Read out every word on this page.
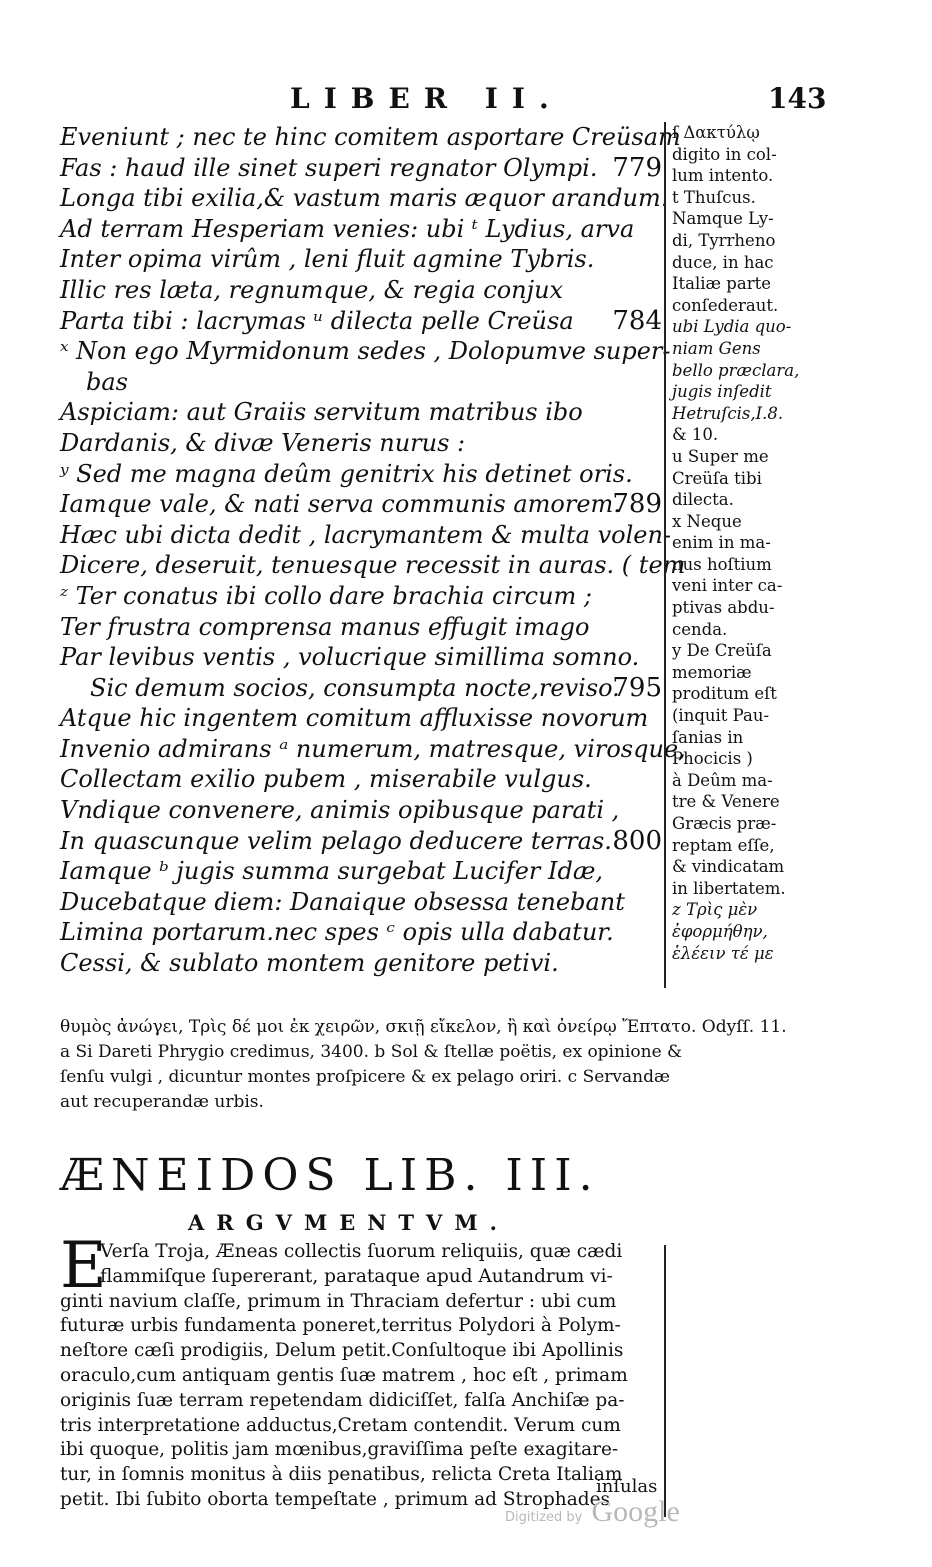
LIBER II.	143
Eveniunt ; nec te hinc comitem asportare Creüsam
Fas : haud ille sinet superi regnator Olympi. 779
Longa tibi exilia,& vastum maris æquor arandum.
Ad terram Hesperiam venies: ubi ᵗ Lydius, arva
Inter opima virûm , leni fluit agmine Tybris.
Illic res læta, regnumque, & regia conjux
Parta tibi : lacrymas ᵘ dilecta pelle Creüsa 784
ˣ Non ego Myrmidonum sedes , Dolopumve super-
bas
Aspiciam: aut Graiis servitum matribus ibo
Dardanis, & divæ Veneris nurus :
ʸ Sed me magna deûm genitrix his detinet oris.
Iamque vale, & nati serva communis amorem.
789
Hæc ubi dicta dedit , lacrymantem & multa volen-
Dicere, deseruit, tenuesque recessit in auras. ( tem
ᶻ Ter conatus ibi collo dare brachia circum ;
Ter frustra comprensa manus effugit imago
Par levibus ventis , volucrique simillima somno.
Sic demum socios, consumpta nocte,reviso.
795
Atque hic ingentem comitum affluxisse novorum
Invenio admirans ᵃ numerum, matresque, virosque,
Collectam exilio pubem , miserabile vulgus.
Vndique convenere, animis opibusque parati ,
In quascunque velim pelago deducere terras. 800
Iamque ᵇ jugis summa surgebat Lucifer Idæ,
Ducebatque diem: Danaique obsessa tenebant
Limina portarum.nec spes ᶜ opis ulla dabatur.
Cessi, & sublato montem genitore petivi.
ſ Δακτύλῳ
digito in col-
lum intento.
t Thuſcus.
Namque Ly-
di, Tyrrheno
duce, in hac
Italiæ parte
conſederaut.
ubi Lydia quo-
niam Gens
bello præclara,
jugis inſedit
Hetruſcis,I.8.
& 10.
u Super me
Creüſa tibi
dilecta.
x Neque
enim in ma-
nus hoſtium
veni inter ca-
ptivas abdu-
cenda.
y De Creüſa
memoriæ
proditum eſt
(inquit Pau-
ſanias in
Phocicis )
à Deûm ma-
tre & Venere
Græcis præ-
reptam eſſe,
& vindicatam
in libertatem.
z Τρὶς μὲν
ἐφορμήθην,
ἑλέειν τέ με
θυμὸς ἀνώγει, Τρὶς δέ μοι ἐκ χειρῶν, σκιῇ εἴκελον, ἢ καὶ ὀνείρῳ Ἔπτατο. Odyſſ. 11.
a Si Dareti Phrygio credimus, 3400. b Sol & ſtellæ poëtis, ex opinione &
ſenſu vulgi , dicuntur montes proſpicere & ex pelago oriri. c Servandæ
aut recuperandæ urbis.
ÆNEIDOS LIB. III.
ARGVMENTVM.
E
Verſa Troja, Æneas collectis ſuorum reliquiis, quæ cædi
flammiſque ſupererant, parataque apud Autandrum vi-
ginti navium claſſe, primum in Thraciam defertur : ubi cum
futuræ urbis fundamenta poneret,territus Polydori à Polym-
neſtore cæſi prodigiis, Delum petit.Conſultoque ibi Apollinis
oraculo,cum antiquam gentis ſuæ matrem , hoc eſt , primam
originis ſuæ terram repetendam didiciſſet, falſa Anchiſæ pa-
tris interpretatione adductus,Cretam contendit. Verum cum
ibi quoque, politis jam mœnibus,graviſſima peſte exagitare-
tur, in ſomnis monitus à diis penatibus, relicta Creta Italiam
petit. Ibi ſubito oborta tempeſtate , primum ad Strophades
inſulas
Digitized by Google
